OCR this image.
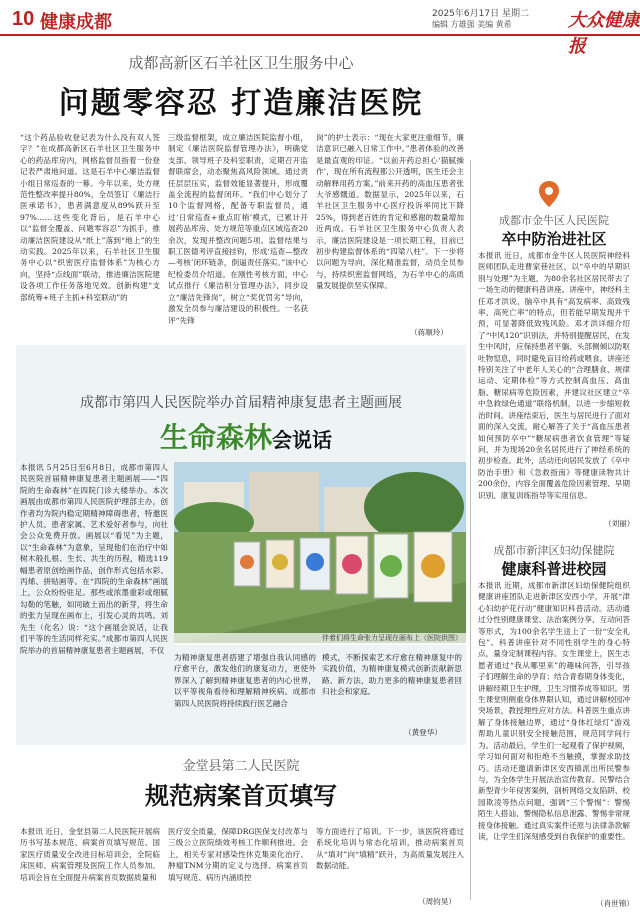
10 健康成都	2025年6月17日 星期二
编辑 方雄强 美编 黄希	大众健康报
成都高新区石羊社区卫生服务中心
问题零容忍 打造廉洁医院
“这个药品验收登记表为什么没有双人签字？”在成都高新区石羊社区卫生服务中心的药品库房内，网格监督员指着一份登记表严肃地问道。这是石羊中心廉洁监督小组日常巡查的一幕。今年以来，处方规范性整改率提升80%，全员签订《廉洁行医承诺书》，患者满意度从89%跃升至97%……这些变化背后，是石羊中心以“监督全覆盖、问题零容忍”为抓手，推动廉洁医院建设从“纸上”落到“地上”的生动实践。2025年以来，石羊社区卫生服务中心以“织密医疗监督体系”为核心方向，坚持“点线面”联动，推进廉洁医院建设各项工作任务落地见效。创新构建“支部统筹+班子主抓+科室联动”的
三级监督框架，成立廉洁医院监督小组，制定《廉洁医院监督管理办法》，明确党支部、领导班子及科室职责，定期召开监督联席会，动态聚焦高风险领域。通过责任层层压实，监督效能显著提升，形成覆盖全流程的监督闭环。“我们中心划分了10个监督网格，配备专职监督员，通过‘日常巡查+重点盯梢’模式，已累计开展药品库房、处方规范等重点区域巡查20余次，发现并整改问题5项。监督结果与职工医德考评直接挂钩，形成‘巡查—整改—考核’闭环链条，倒逼责任落实。”该中心纪检委员介绍道。在刚性考核方面，中心试点推行《廉洁积分管理办法》，同步设立“廉洁先锋岗”，树立“奖优罚劣”导向，激发全员参与廉洁建设的积极性。一名获评“先锋
岗”的护士表示：“现在大家更注重细节，廉洁意识已融入日常工作中。”患者体验的改善是最直观的印证。“以前开药总担心‘猫腻操作’，现在所有流程都公开透明，医生还会主动解释用药方案。”前来开药的高血压患者张大爷感慨道。数据显示，2025年以来，石羊社区卫生服务中心医疗投诉率同比下降25%，得到老百姓的肯定和感谢的数量增加近两成。石羊社区卫生服务中心负责人表示，廉洁医院建设是一项长期工程，目前已初步构建监督体系的“四梁八柱”。下一步将以问题为导向，深化精准监督，动员全员参与，持续织密监督网络，为石羊中心的高质量发展提供坚实保障。
（蒋顺玲）
成都市第四人民医院举办首届精神康复患者主题画展
生命森林会说话
本报讯 5月25日至6月8日，成都市第四人民医院首届精神康复患者主题画展——“四院的生命森林”在四院门诊大楼举办。本次画展由成都市第四人民医院护理部主办，创作者均为院内稳定期精神障碍患者，特邀医护人员、患者家属、艺术爱好者参与，向社会公众免费开放。画展以“看见”为主题，以“生命森林”为意象，呈现他们在治疗中如树木般扎根、生长、共生的历程，精选119幅患者原创绘画作品，创作形式包括水彩、丙烯、拼贴画等。在“四院的生命森林”画展上，公众纷纷驻足。那些或浓墨重彩或细腻勾勒的笔触，如同破土而出的新芽，将生命的张力呈现在画布上，引发心灵的共鸣。刘先生（化名）说：“这个画展会说话，让我们平等的生活同样充实。”成都市第四人民医院举办的首届精神康复患者主题画展，不仅
伴着们将生命张力呈现在画布上（医院供图）
为精神康复患者搭建了增强自我认同感的疗愈平台，激发他们的康复动力，更使外界深入了解到精神康复患者的内心世界，以平等视角看待和理解精神疾病。成都市第四人民医院将持续践行医艺融合
模式，不断探索艺术疗愈在精神康复中的实践价值，为精神康复模式创新贡献新思路、新方法，助力更多的精神康复患者回归社会和家庭。
（黄登华）
金堂县第二人民医院
规范病案首页填写
本报讯 近日，金堂县第二人民医院开展病历书写基本规范、病案首页填写规范、国家医疗质量安全改进目标培训会，全院临床医师、病案管理及医院工作人员参加。培训会旨在全面提升病案首页数据质量和
医疗安全质量，保障DRG医保支付改革与三级公立医院绩效考核工作顺利推进。会上，相关专家对感染性休克集束化治疗、肿瘤TNM分期的定义与选择、病案首页填写规范、病历内涵质控
等方面进行了培训。下一步，该医院将通过系统化培训与常态化培训，推动病案首页从“填对”向“填精”跃升，为高质量发展注入数据动能。
（周钧昊）
成都市金牛区人民医院
卒中防治进社区
本报讯 近日，成都市金牛区人民医院神经科医师团队走进曹家巷社区，以“卒中的早期识别与处理”为主题，为80余名社区居民带去了一场生动的健康科普讲座。讲座中，神经科主任邓才洪说，脑卒中具有“高发病率、高致残率、高死亡率”的特点，但若能早期发现并干预，可显著降低致残风险。邓才洪详细介绍了“中风120”识别法，并特别提醒居民，在发生中风时，应保持患者平躺、头部侧倾以防呕吐物窒息，同时避免盲目给药或喂食。讲座还特别关注了中老年人关心的“合理膳食、规律运动、定期体检”等方式控制高血压、高血脂、糖尿病等危险因素，并建议社区建立“卒中急救绿色通道”联络机制，以进一步缩短救治时间。讲座结束后，医生与居民进行了面对面的深入交流，耐心解答了关于“高血压患者如何预防卒中”“糖尿病患者饮食管理”等疑问，并为现场20余名居民进行了神经系统的初步检查。此外，活动还向居民发放了《卒中防治手册》和《急救指南》等健康读物共计200余份，内容全面覆盖危险因素管理、早期识别、康复训练指导等实用信息。
（刘丽）
成都市新津区妇幼保健院
健康科普进校园
本报讯 近期，成都市新津区妇幼保健院组织健康讲座团队走进新津区安西小学，开展“津心妇幼护花行动”健康知识科普活动。活动通过分性别健康课堂、法治案例分享、互动问答等形式，为100余名学生送上了一份“安全礼包”。科普讲座针对不同性别学生的身心特点，量身定制课程内容。女生课堂上，医生志愿者通过“我从哪里来”的趣味问答，引导孩子们理解生命的孕育；结合青春期身体变化，讲解经期卫生护理，卫生习惯养成等知识。男生课堂则侧重身体界限认知，通过讲解校园冲突场景，教授理性应对方法。科普医生重点讲解了身体接触边界，通过“身体红绿灯”游戏帮助儿童识别安全接触范围，规范同学间行为。活动最后，学生们一起观看了保护视频，学习如何面对和拒绝不当触摸，掌握求助技巧。活动还邀请新津区安西镇派出所民警参与，为全体学生开展法治宣传教育。民警结合新型青少年侵害案例，剖析网络交友陷阱、校园欺凌等热点问题，强调“三个警惕”：警惕陌生人搭讪、警惕隐私信息泄露、警惕非常规接身体接触。通过真实案件还原与法律条款解读，让学生们深刻感受到自我保护的重要性。
（肖世锦）
